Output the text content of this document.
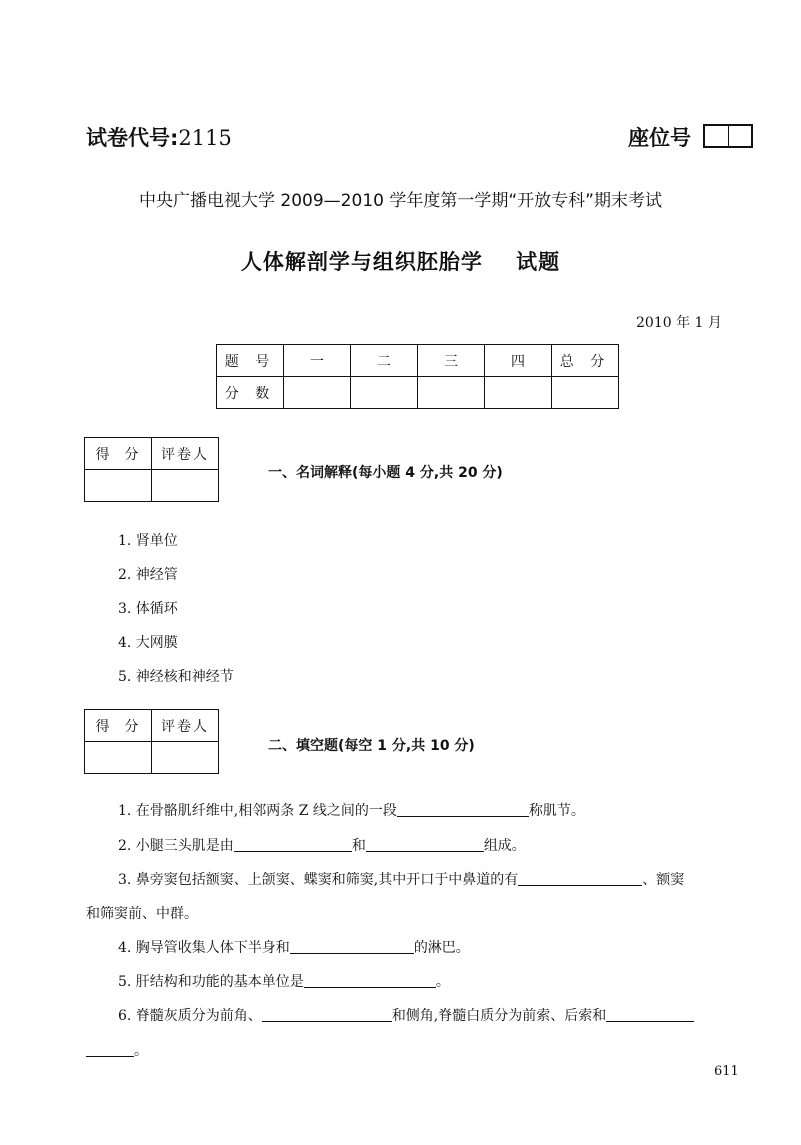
试卷代号:2115	座位号
中央广播电视大学 2009—2010 学年度第一学期“开放专科”期末考试
人体解剖学与组织胚胎学    试题
2010 年 1 月
题 号	一	二	三	四	总 分
分 数					
得  分	评卷人

一、名词解释(每小题 4 分,共 20 分)
1. 肾单位
2. 神经管
3. 体循环
4. 大网膜
5. 神经核和神经节
得  分	评卷人

二、填空题(每空 1 分,共 10 分)
1. 在骨骼肌纤维中,相邻两条 Z 线之间的一段	称肌节。
2. 小腿三头肌是由	和	组成。
3. 鼻旁窦包括额窦、上颌窦、蝶窦和筛窦,其中开口于中鼻道的有	、额窦
和筛窦前、中群。
4. 胸导管收集人体下半身和	的淋巴。
5. 肝结构和功能的基本单位是	。
6. 脊髓灰质分为前角、	和侧角,脊髓白质分为前索、后索和
。
611
